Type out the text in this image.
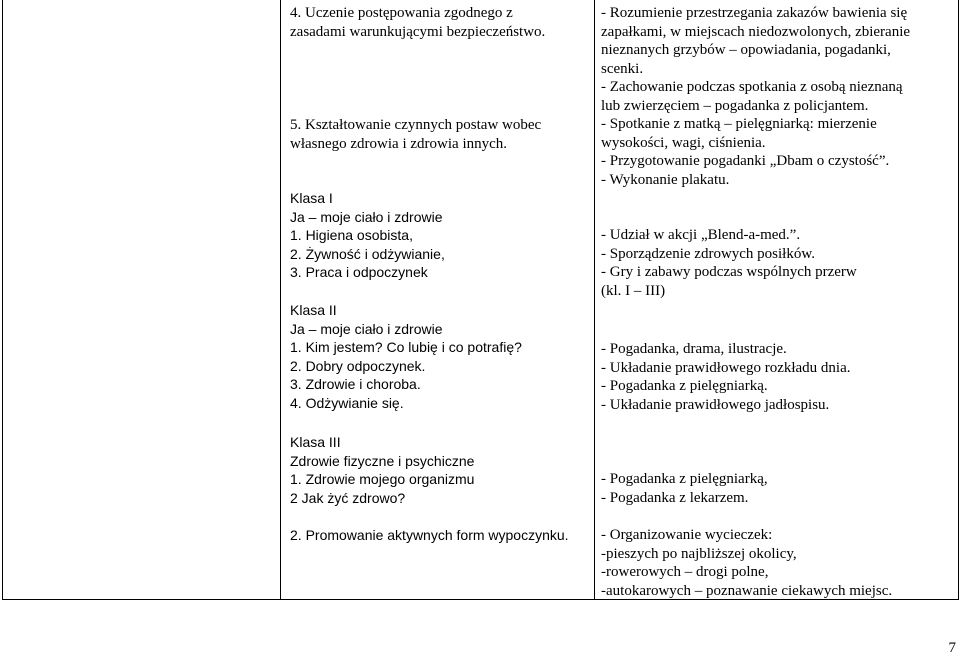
4. Uczenie postępowania zgodnego z
zasadami warunkującymi bezpieczeństwo.
5. Kształtowanie czynnych postaw wobec
własnego zdrowia i zdrowia innych.
Klasa I
Ja – moje ciało i zdrowie
1. Higiena osobista,
2. Żywność i odżywianie,
3. Praca i odpoczynek
Klasa II
Ja – moje ciało i zdrowie
1. Kim jestem? Co lubię i co potrafię?
2. Dobry odpoczynek.
3. Zdrowie i choroba.
4. Odżywianie się.
Klasa III
Zdrowie fizyczne i psychiczne
1. Zdrowie mojego organizmu
2 Jak żyć zdrowo?
2. Promowanie aktywnych form wypoczynku.
- Rozumienie przestrzegania zakazów bawienia się
zapałkami, w miejscach niedozwolonych, zbieranie
nieznanych grzybów – opowiadania, pogadanki,
scenki.
- Zachowanie podczas spotkania z osobą nieznaną
lub zwierzęciem – pogadanka z policjantem.
- Spotkanie z matką – pielęgniarką: mierzenie
wysokości, wagi, ciśnienia.
- Przygotowanie pogadanki „Dbam o czystość”.
- Wykonanie plakatu.
- Udział w akcji „Blend-a-med.”.
- Sporządzenie zdrowych posiłków.
- Gry i zabawy podczas wspólnych przerw
(kl. I – III)
- Pogadanka, drama, ilustracje.
- Układanie prawidłowego rozkładu dnia.
- Pogadanka z pielęgniarką.
- Układanie prawidłowego jadłospisu.
- Pogadanka z pielęgniarką,
- Pogadanka z lekarzem.
- Organizowanie wycieczek:
-pieszych po najbliższej okolicy,
-rowerowych – drogi polne,
-autokarowych – poznawanie ciekawych miejsc.
7
